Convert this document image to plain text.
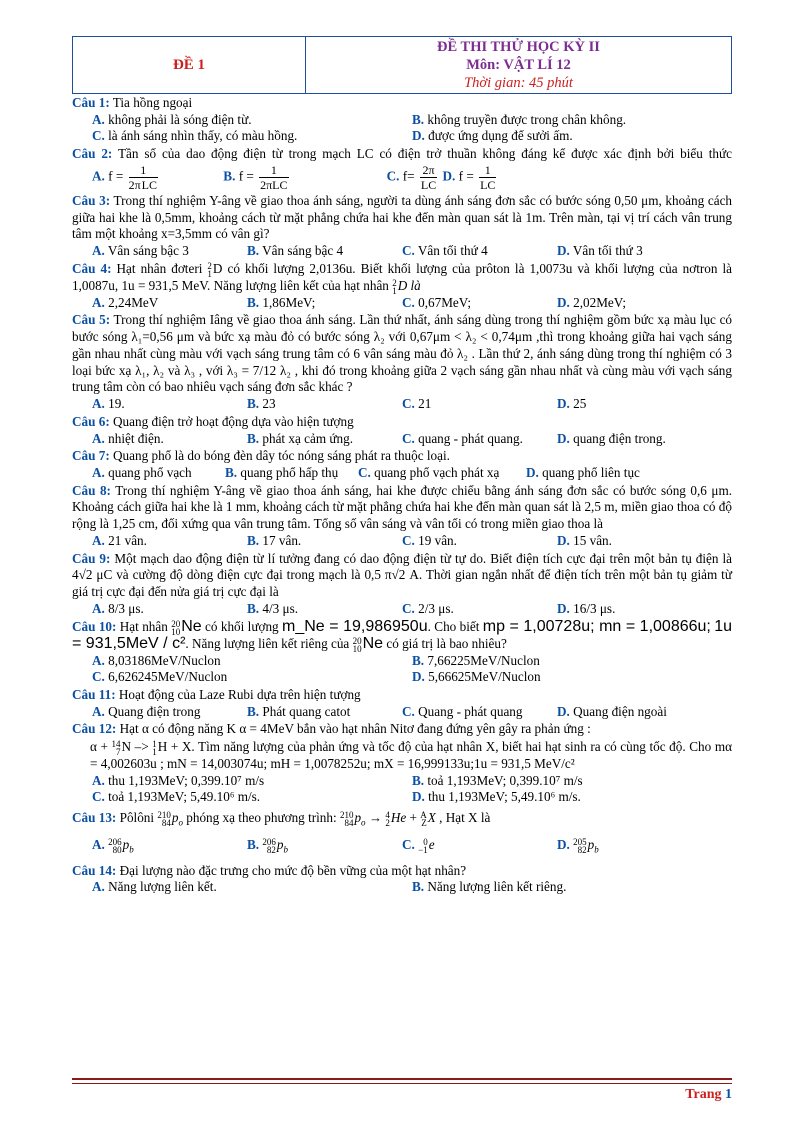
ĐỀ 1	
ĐỀ THI THỬ HỌC KỲ II
Môn: VẬT LÍ 12
Thời gian: 45 phút
Câu 1: Tia hồng ngoại
A. không phải là sóng điện từ.	B. không truyền được trong chân không.
C. là ánh sáng nhìn thấy, có màu hồng.	D. được ứng dụng để sưởi ấm.
Câu 2: Tần số của dao động điện từ trong mạch LC có điện trở thuần không đáng kể được xác định bởi biểu thức A. $f = \frac{1}{\text{2πLC}}$	B. $f = \frac{1}{\text{2πLC}}$	C. $f= \frac{2\pi}{LC} D$. $f = \frac{1}{LC}$
Câu 3: Trong thí nghiệm Y-âng về giao thoa ánh sáng, người ta dùng ánh sáng đơn sắc có bước sóng 0,50 μm, khoảng cách giữa hai khe là 0,5mm, khoảng cách từ mặt phẳng chứa hai khe đến màn quan sát là 1m. Trên màn, tại vị trí cách vân trung tâm một khoảng x=3,5mm có vân gì?
A. Vân sáng bậc 3	B. Vân sáng bậc 4	C. Vân tối thứ 4	D. Vân tối thứ 3
Câu 4: Hạt nhân đơteri 2
1D có khối lượng 2,0136u. Biết khối lượng của prôton là 1,0073u và khối lượng của nơtron là 1,0087u, 1u = 931,5 MeV. Năng lượng liên kết của hạt nhân 2
1D là
A. 2,24MeV	B. 1,86MeV;	C. 0,67MeV;	D. 2,02MeV;
Câu 5: Trong thí nghiệm Iâng về giao thoa ánh sáng. Lần thứ nhất, ánh sáng dùng trong thí nghiệm gồm bức xạ màu lục có bước sóng λ₁=0,56 μm và bức xạ màu đỏ có bước sóng λ₂ với 0,67μm < λ₂ < 0,74μm ,thì trong khoảng giữa hai vạch sáng gần nhau nhất cùng màu với vạch sáng trung tâm có 6 vân sáng màu đỏ λ₂ . Lần thứ 2, ánh sáng dùng trong thí nghiệm có 3 loại bức xạ λ₁, λ₂ và λ₃ , với λ₃ = 7/12 λ₂ , khi đó trong khoảng giữa 2 vạch sáng gần nhau nhất và cùng màu với vạch sáng trung tâm còn có bao nhiêu vạch sáng đơn sắc khác ?
A. 19.	B. 23	C. 21	D. 25
Câu 6: Quang điện trở hoạt động dựa vào hiện tượng
A. nhiệt điện.	B. phát xạ cảm ứng.	C. quang - phát quang.	D. quang điện trong.
Câu 7: Quang phổ là do bóng đèn dây tóc nóng sáng phát ra thuộc loại.
A. quang phổ vạch	B. quang phổ hấp thụ	C. quang phổ vạch phát xạ	D. quang phổ liên tục
Câu 8: Trong thí nghiệm Y-âng về giao thoa ánh sáng, hai khe được chiếu bằng ánh sáng đơn sắc có bước sóng 0,6 μm. Khoảng cách giữa hai khe là 1 mm, khoảng cách từ mặt phẳng chứa hai khe đến màn quan sát là 2,5 m, miền giao thoa có độ rộng là 1,25 cm, đối xứng qua vân trung tâm. Tổng số vân sáng và vân tối có trong miền giao thoa là
A. 21 vân.	B. 17 vân.	C. 19 vân.	D. 15 vân.
Câu 9: Một mạch dao động điện từ lí tưởng đang có dao động điện từ tự do. Biết điện tích cực đại trên một bản tụ điện là 4√2 μC và cường độ dòng điện cực đại trong mạch là 0,5 π√2 A. Thời gian ngắn nhất để điện tích trên một bản tụ giảm từ giá trị cực đại đến nửa giá trị cực đại là
A. 8/3 μs.	B. 4/3 μs.	C. 2/3 μs.	D. 16/3 μs.
Câu 10: Hạt nhân 20
10Ne có khối lượng m_Ne = 19,986950u. Cho biết mp = 1,00728u; mn = 1,00866u; 1u = 931,5MeV / c². Năng lượng liên kết riêng của 20
10Ne có giá trị là bao nhiêu?
A. 8,03186MeV/Nuclon	B. 7,66225MeV/Nuclon
C. 6,626245MeV/Nuclon	D. 5,66625MeV/Nuclon
Câu 11: Hoạt động của Laze Rubi dựa trên hiện tượng
A. Quang điện trong	B. Phát quang catot	C. Quang - phát quang	D. Quang điện ngoài
Câu 12: Hạt α có động năng K α = 4MeV bắn vào hạt nhân Nitơ đang đứng yên gây ra phản ứng :
α + 14
7N –> 1
1H + X. Tìm năng lượng của phản ứng và tốc độ của hạt nhân X, biết hai hạt sinh ra có cùng tốc độ. Cho mα = 4,002603u ; mN = 14,003074u; mH = 1,0078252u; mX = 16,999133u;1u = 931,5 MeV/c²
A. thu 1,193MeV; 0,399.10⁷ m/s	B. toả 1,193MeV; 0,399.10⁷ m/s
C. toả 1,193MeV; 5,49.10⁶ m/s.	D. thu 1,193MeV; 5,49.10⁶ m/s.
Câu 13: Pôlôni 210
$84p_o$ phóng xạ theo phương trình: 210
$84p_o \to 4$
2He + A
ZX , Hạt X là
A. 206
$80p_b$	B. 206
$82p_b$	C. 0
−1e	D. 205
$82p_b$
Câu 14: Đại lượng nào đặc trưng cho mức độ bền vững của một hạt nhân?
A. Năng lượng liên kết.	B. Năng lượng liên kết riêng.
Trang 1
